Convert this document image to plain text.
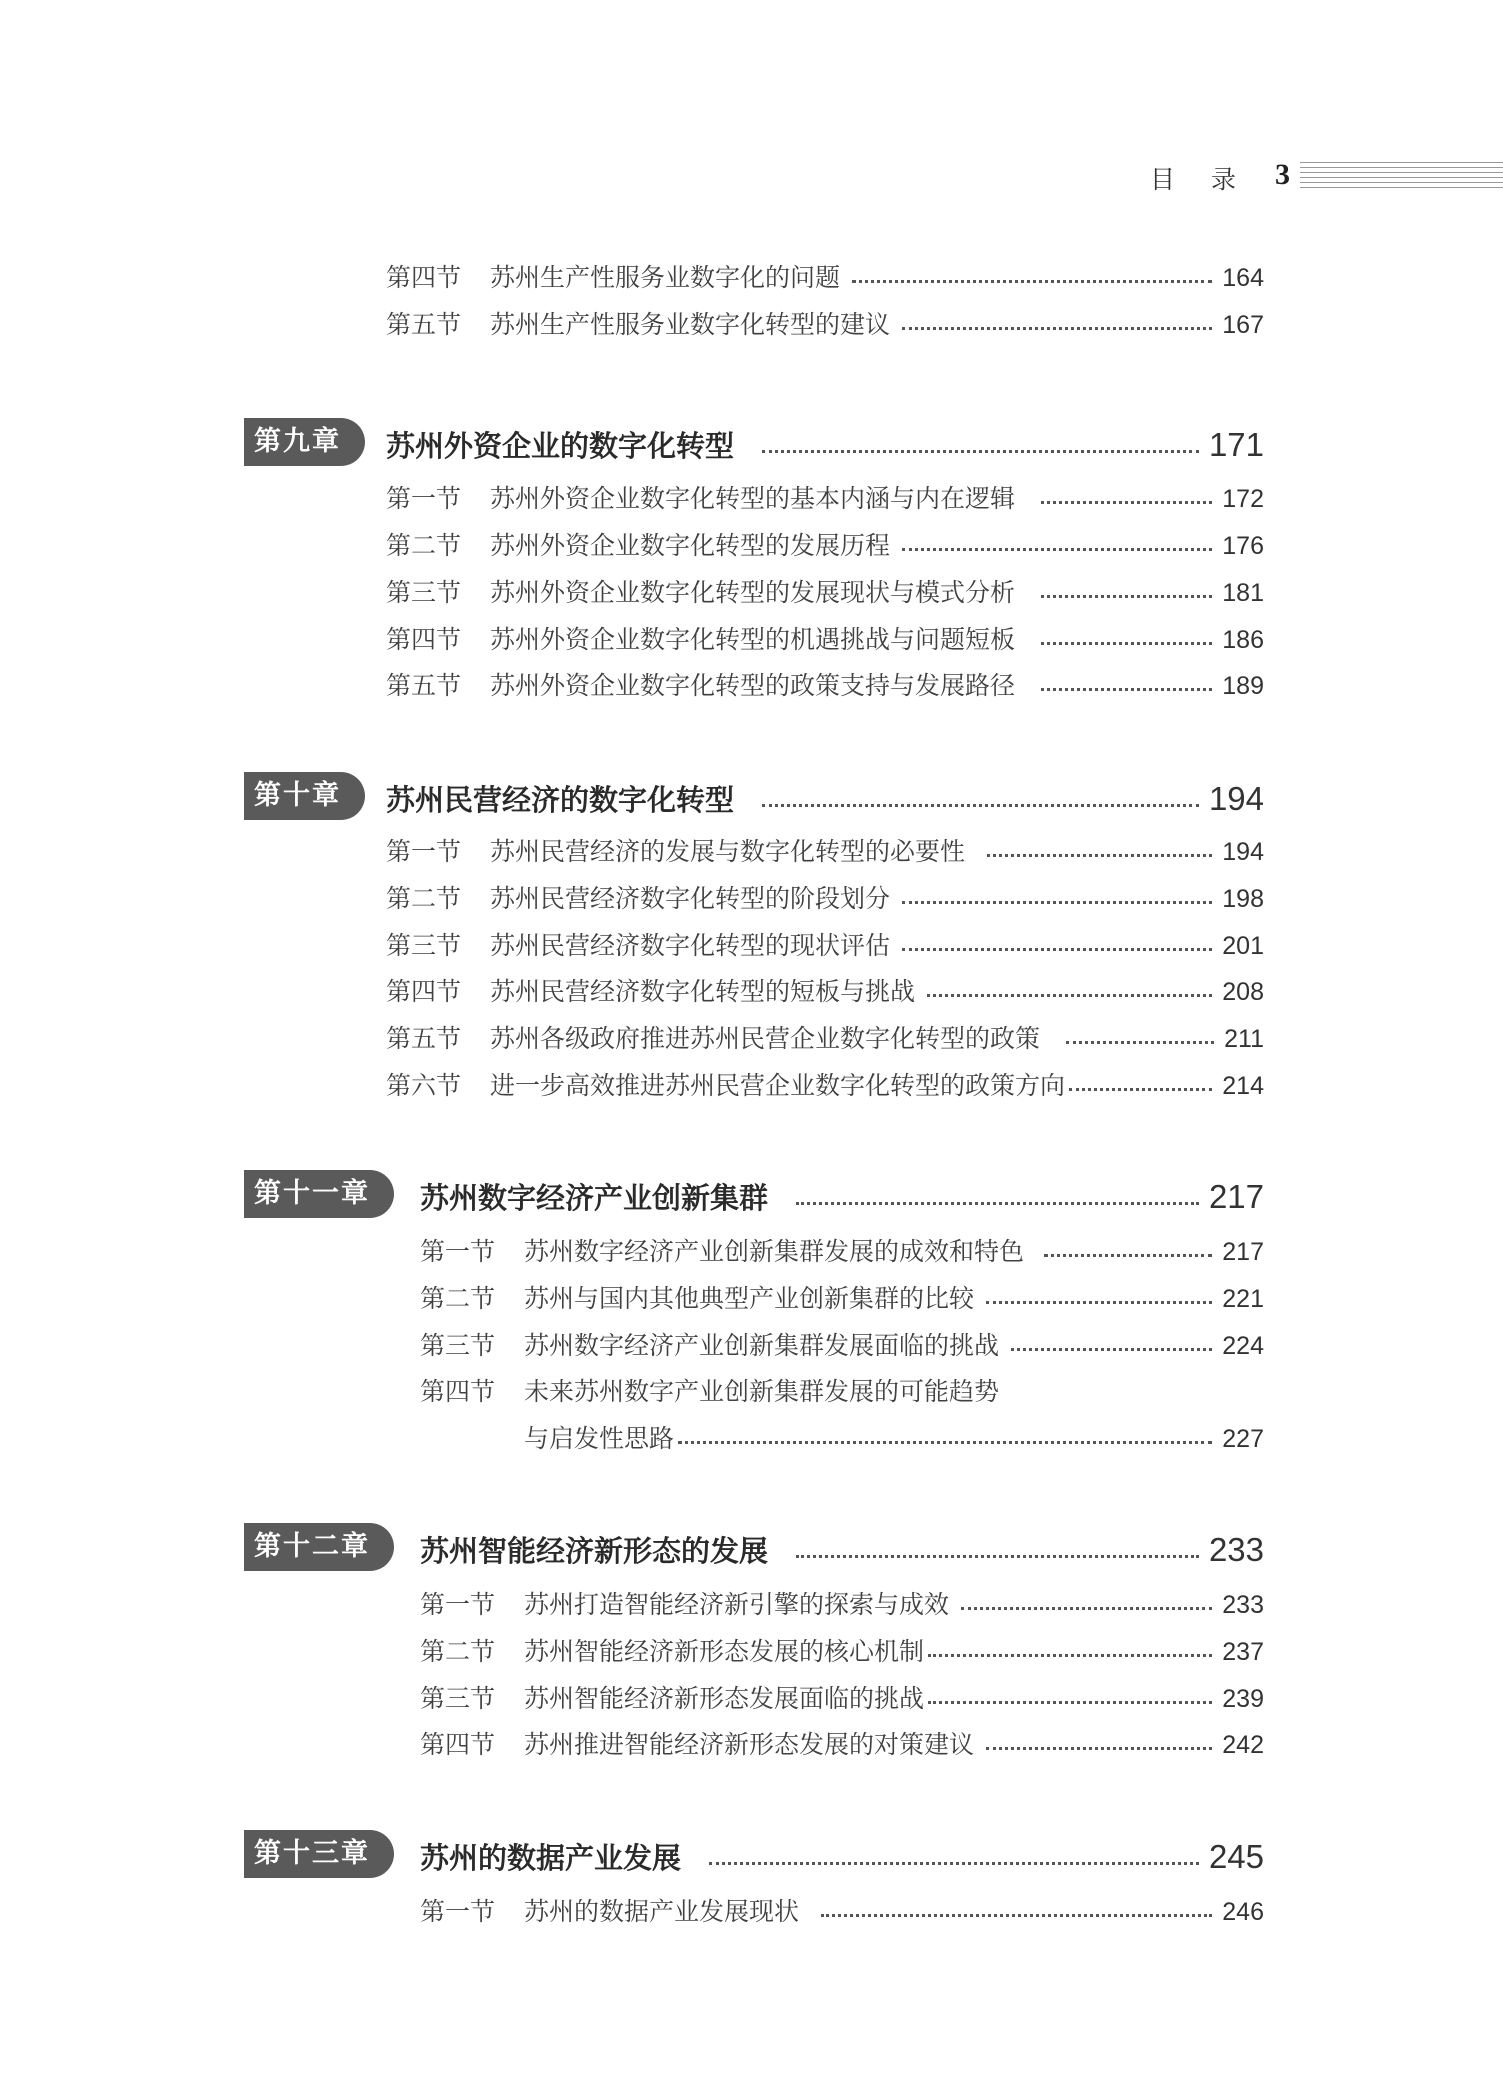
目录 3
第四节	苏州生产性服务业数字化的问题	164
第五节	苏州生产性服务业数字化转型的建议	167
第九章	苏州外资企业的数字化转型	171
第一节	苏州外资企业数字化转型的基本内涵与内在逻辑	172
第二节	苏州外资企业数字化转型的发展历程	176
第三节	苏州外资企业数字化转型的发展现状与模式分析	181
第四节	苏州外资企业数字化转型的机遇挑战与问题短板	186
第五节	苏州外资企业数字化转型的政策支持与发展路径	189
第十章	苏州民营经济的数字化转型	194
第一节	苏州民营经济的发展与数字化转型的必要性	194
第二节	苏州民营经济数字化转型的阶段划分	198
第三节	苏州民营经济数字化转型的现状评估	201
第四节	苏州民营经济数字化转型的短板与挑战	208
第五节	苏州各级政府推进苏州民营企业数字化转型的政策	211
第六节	进一步高效推进苏州民营企业数字化转型的政策方向	214
第十一章	苏州数字经济产业创新集群	217
第一节	苏州数字经济产业创新集群发展的成效和特色	217
第二节	苏州与国内其他典型产业创新集群的比较	221
第三节	苏州数字经济产业创新集群发展面临的挑战	224
第四节	未来苏州数字产业创新集群发展的可能趋势
与启发性思路	227
第十二章	苏州智能经济新形态的发展	233
第一节	苏州打造智能经济新引擎的探索与成效	233
第二节	苏州智能经济新形态发展的核心机制	237
第三节	苏州智能经济新形态发展面临的挑战	239
第四节	苏州推进智能经济新形态发展的对策建议	242
第十三章	苏州的数据产业发展	245
第一节	苏州的数据产业发展现状	246
